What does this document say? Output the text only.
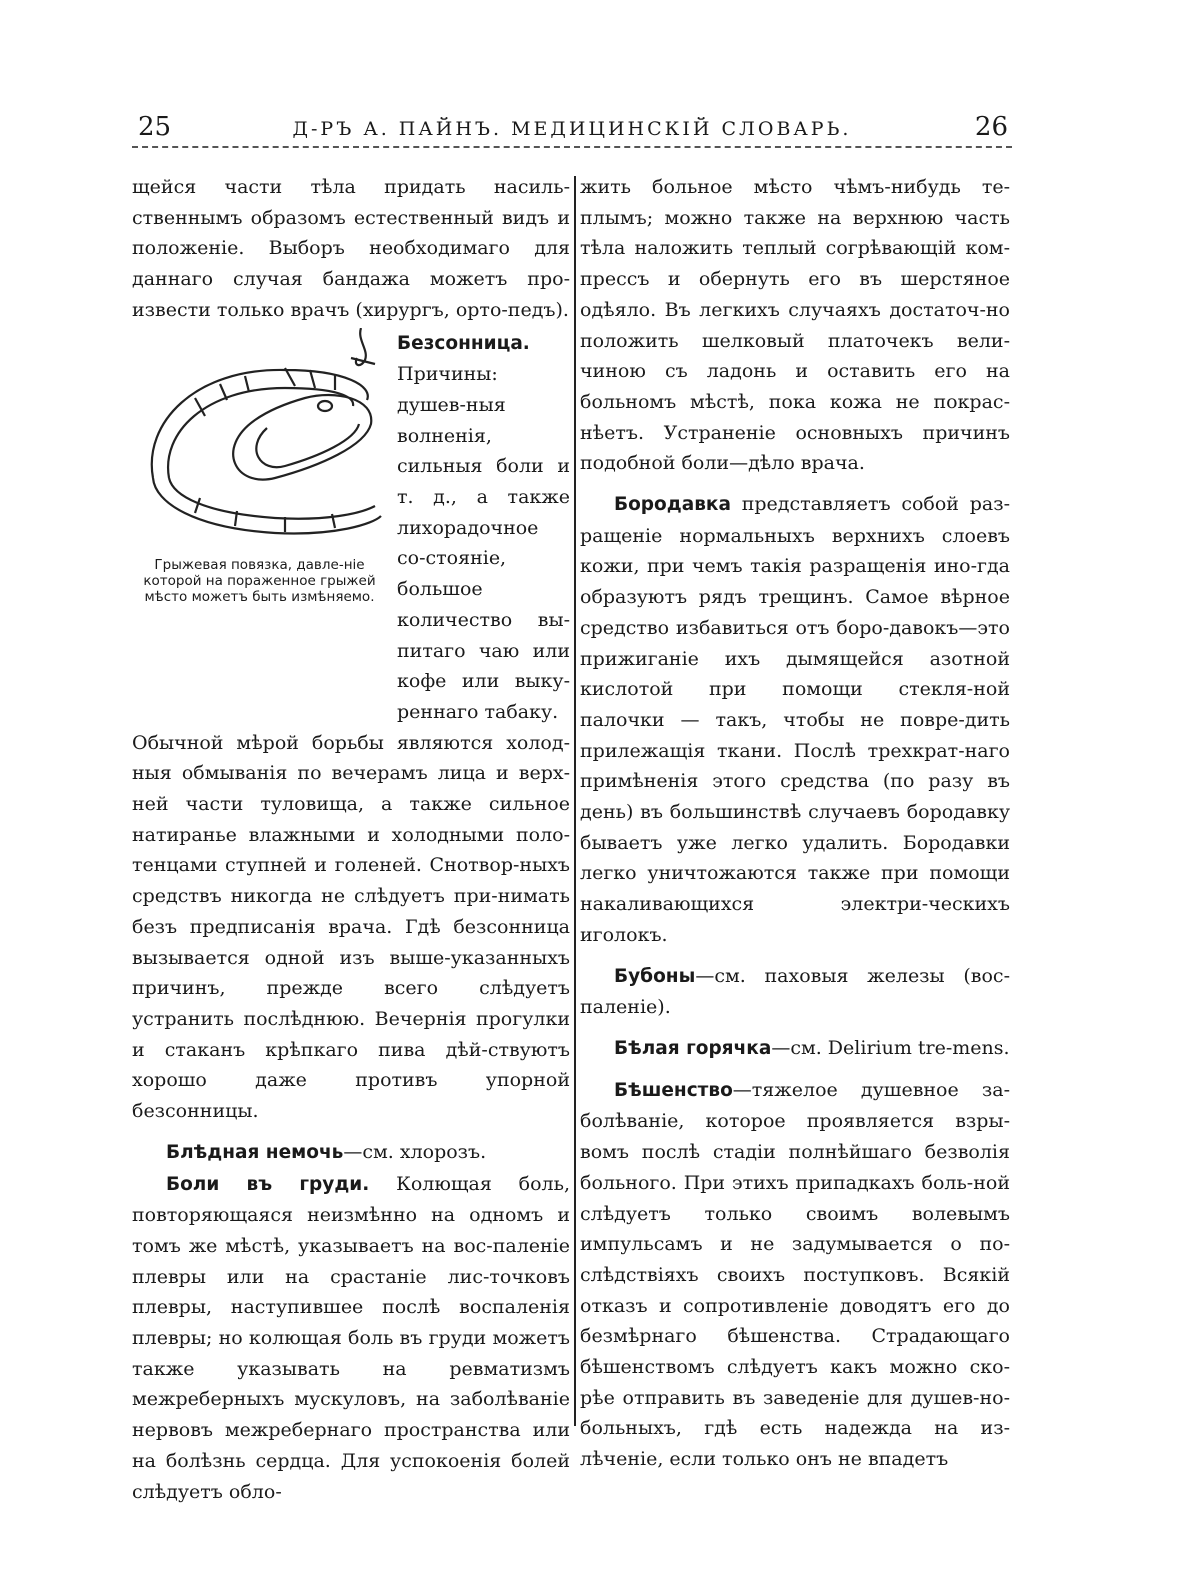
25	Д-РЪ А. ПАЙНЪ. МЕДИЦИНСКІЙ СЛОВАРЬ.	26

щейся части тѣла придать насиль-ственнымъ образомъ естественный видъ и положеніе. Выборъ необходимаго для даннаго случая бандажа можетъ про-извести только врачъ (хирургъ, орто-педъ).

Грыжевая повязка, давле-ніе которой на пораженное грыжей мѣсто можетъ быть измѣняемо.

Безсонница.

Причины: душев-ныя волненія, сильныя боли и т. д., а также лихорадочное со-стояніе, большое количество вы-питаго чаю или кофе или выку-реннаго табаку.

Обычной мѣрой борьбы являются холод-ныя обмыванія по вечерамъ лица и верх-ней части туловища, а также сильное натиранье влажными и холодными поло-тенцами ступней и голеней. Снотвор-ныхъ средствъ никогда не слѣдуетъ при-нимать безъ предписанія врача. Гдѣ безсонница вызывается одной изъ выше-указанныхъ причинъ, прежде всего слѣдуетъ устранить послѣднюю. Вечернія прогулки и стаканъ крѣпкаго пива дѣй-ствуютъ хорошо даже противъ упорной безсонницы.

Блѣдная немочь—см. хлорозъ.

Боли въ груди. Колющая боль, повторяющаяся неизмѣнно на одномъ и томъ же мѣстѣ, указываетъ на вос-паленіе плевры или на срастаніе лис-точковъ плевры, наступившее послѣ воспаленія плевры; но колющая боль въ груди можетъ также указывать на ревматизмъ межреберныхъ мускуловъ, на заболѣваніе нервовъ межребернаго пространства или на болѣзнь сердца. Для успокоенія болей слѣдуетъ обло-

жить больное мѣсто чѣмъ-нибудь те-плымъ; можно также на верхнюю часть тѣла наложить теплый согрѣвающій ком-прессъ и обернуть его въ шерстяное одѣяло. Въ легкихъ случаяхъ достаточ-но положить шелковый платочекъ вели-чиною съ ладонь и оставить его на больномъ мѣстѣ, пока кожа не покрас-нѣетъ. Устраненіе основныхъ причинъ подобной боли—дѣло врача.

Бородавка представляетъ собой раз-ращеніе нормальныхъ верхнихъ слоевъ кожи, при чемъ такія разращенія ино-гда образуютъ рядъ трещинъ. Самое вѣрное средство избавиться отъ боро-давокъ—это прижиганіе ихъ дымящейся азотной кислотой при помощи стекля-ной палочки — такъ, чтобы не повре-дить прилежащія ткани. Послѣ трехкрат-наго примѣненія этого средства (по разу въ день) въ большинствѣ случаевъ бородавку бываетъ уже легко удалить. Бородавки легко уничтожаются также при помощи накаливающихся электри-ческихъ иголокъ.

Бубоны—см. паховыя железы (вос-паленіе).

Бѣлая горячка—см. Delirium tre-mens.

Бѣшенство—тяжелое душевное за-болѣваніе, которое проявляется взры-вомъ послѣ стадіи полнѣйшаго безволія больного. При этихъ припадкахъ боль-ной слѣдуетъ только своимъ волевымъ импульсамъ и не задумывается о по-слѣдствіяхъ своихъ поступковъ. Всякій отказъ и сопротивленіе доводятъ его до безмѣрнаго бѣшенства. Страдающаго бѣшенствомъ слѣдуетъ какъ можно ско-рѣе отправить въ заведеніе для душев-но-больныхъ, гдѣ есть надежда на из-лѣченіе, если только онъ не впадетъ
